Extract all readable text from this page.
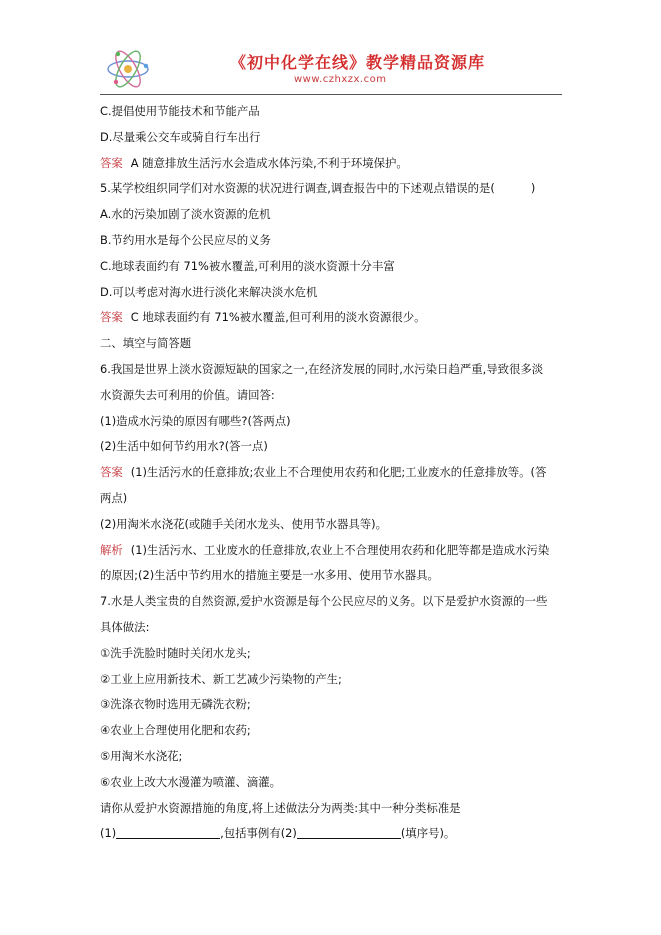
《初中化学在线》教学精品资源库
www.czhxzx.com
C.提倡使用节能技术和节能产品
D.尽量乘公交车或骑自行车出行
答案 A 随意排放生活污水会造成水体污染,不利于环境保护。
5.某学校组织同学们对水资源的状况进行调查,调查报告中的下述观点错误的是(	)
A.水的污染加剧了淡水资源的危机
B.节约用水是每个公民应尽的义务
C.地球表面约有 71%被水覆盖,可利用的淡水资源十分丰富
D.可以考虑对海水进行淡化来解决淡水危机
答案 C 地球表面约有 71%被水覆盖,但可利用的淡水资源很少。
二、填空与简答题
6.我国是世界上淡水资源短缺的国家之一,在经济发展的同时,水污染日趋严重,导致很多淡
水资源失去可利用的价值。请回答:
(1)造成水污染的原因有哪些?(答两点)
(2)生活中如何节约用水?(答一点)
答案 (1)生活污水的任意排放;农业上不合理使用农药和化肥;工业废水的任意排放等。(答
两点)
(2)用淘米水浇花(或随手关闭水龙头、使用节水器具等)。
解析 (1)生活污水、工业废水的任意排放,农业上不合理使用农药和化肥等都是造成水污染
的原因;(2)生活中节约用水的措施主要是一水多用、使用节水器具。
7.水是人类宝贵的自然资源,爱护水资源是每个公民应尽的义务。以下是爱护水资源的一些
具体做法:
①洗手洗脸时随时关闭水龙头;
②工业上应用新技术、新工艺减少污染物的产生;
③洗涤衣物时选用无磷洗衣粉;
④农业上合理使用化肥和农药;
⑤用淘米水浇花;
⑥农业上改大水漫灌为喷灌、滴灌。
请你从爱护水资源措施的角度,将上述做法分为两类:其中一种分类标准是
(1)	,包括事例有(2)	(填序号)。
